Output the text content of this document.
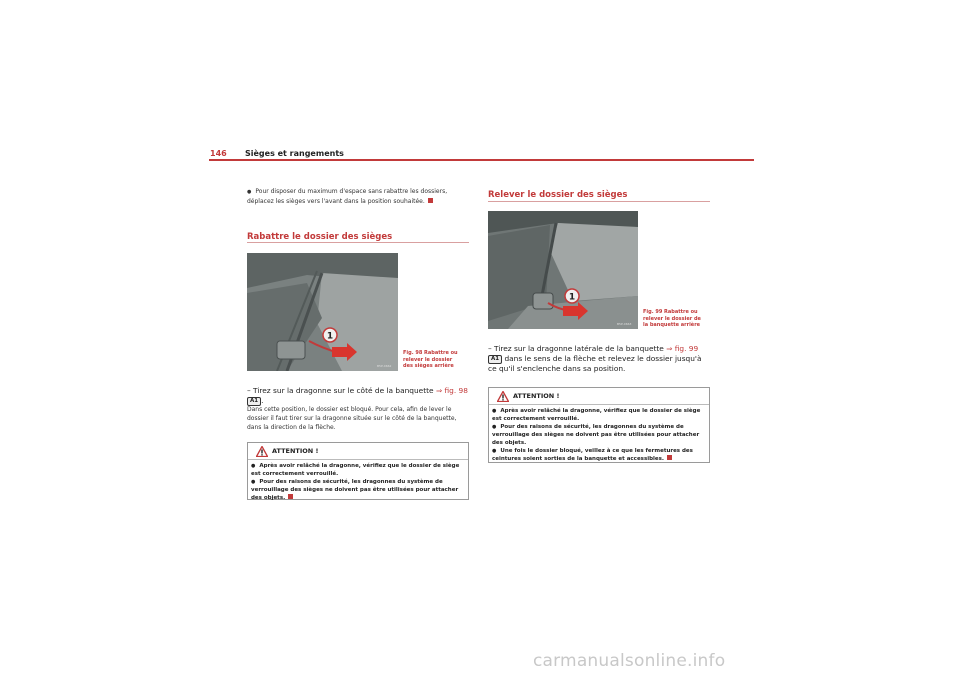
146 Sièges et rangements
● Pour disposer du maximum d'espace sans rabattre les dossiers, déplacez les sièges vers l'avant dans la position souhaitée.
Rabattre le dossier des sièges
1
B5P-0662
Fig. 98 Rabattre ou relever le dossier des sièges arrière
– Tirez sur la dragonne sur le côté de la banquette ⇒ fig. 98 A1 .
Dans cette position, le dossier est bloqué. Pour cela, afin de lever le dossier il faut tirer sur la dragonne située sur le côté de la banquette, dans la direction de la flèche.
ATTENTION !
● Après avoir relâché la dragonne, vérifiez que le dossier de siège est correctement verrouillé.
● Pour des raisons de sécurité, les dragonnes du système de verrouillage des sièges ne doivent pas être utilisées pour attacher des objets.
Relever le dossier des sièges
1
B5P-0663
Fig. 99 Rabattre ou relever le dossier de la banquette arrière
– Tirez sur la dragonne latérale de la banquette ⇒ fig. 99 A1 dans le sens de la flèche et relevez le dossier jusqu'à ce qu'il s'enclenche dans sa position.
ATTENTION !
● Après avoir relâché la dragonne, vérifiez que le dossier de siège est correctement verrouillé.
● Pour des raisons de sécurité, les dragonnes du système de verrouillage des sièges ne doivent pas être utilisées pour attacher des objets.
● Une fois le dossier bloqué, veillez à ce que les fermetures des ceintures soient sorties de la banquette et accessibles.
carmanualsonline.info
